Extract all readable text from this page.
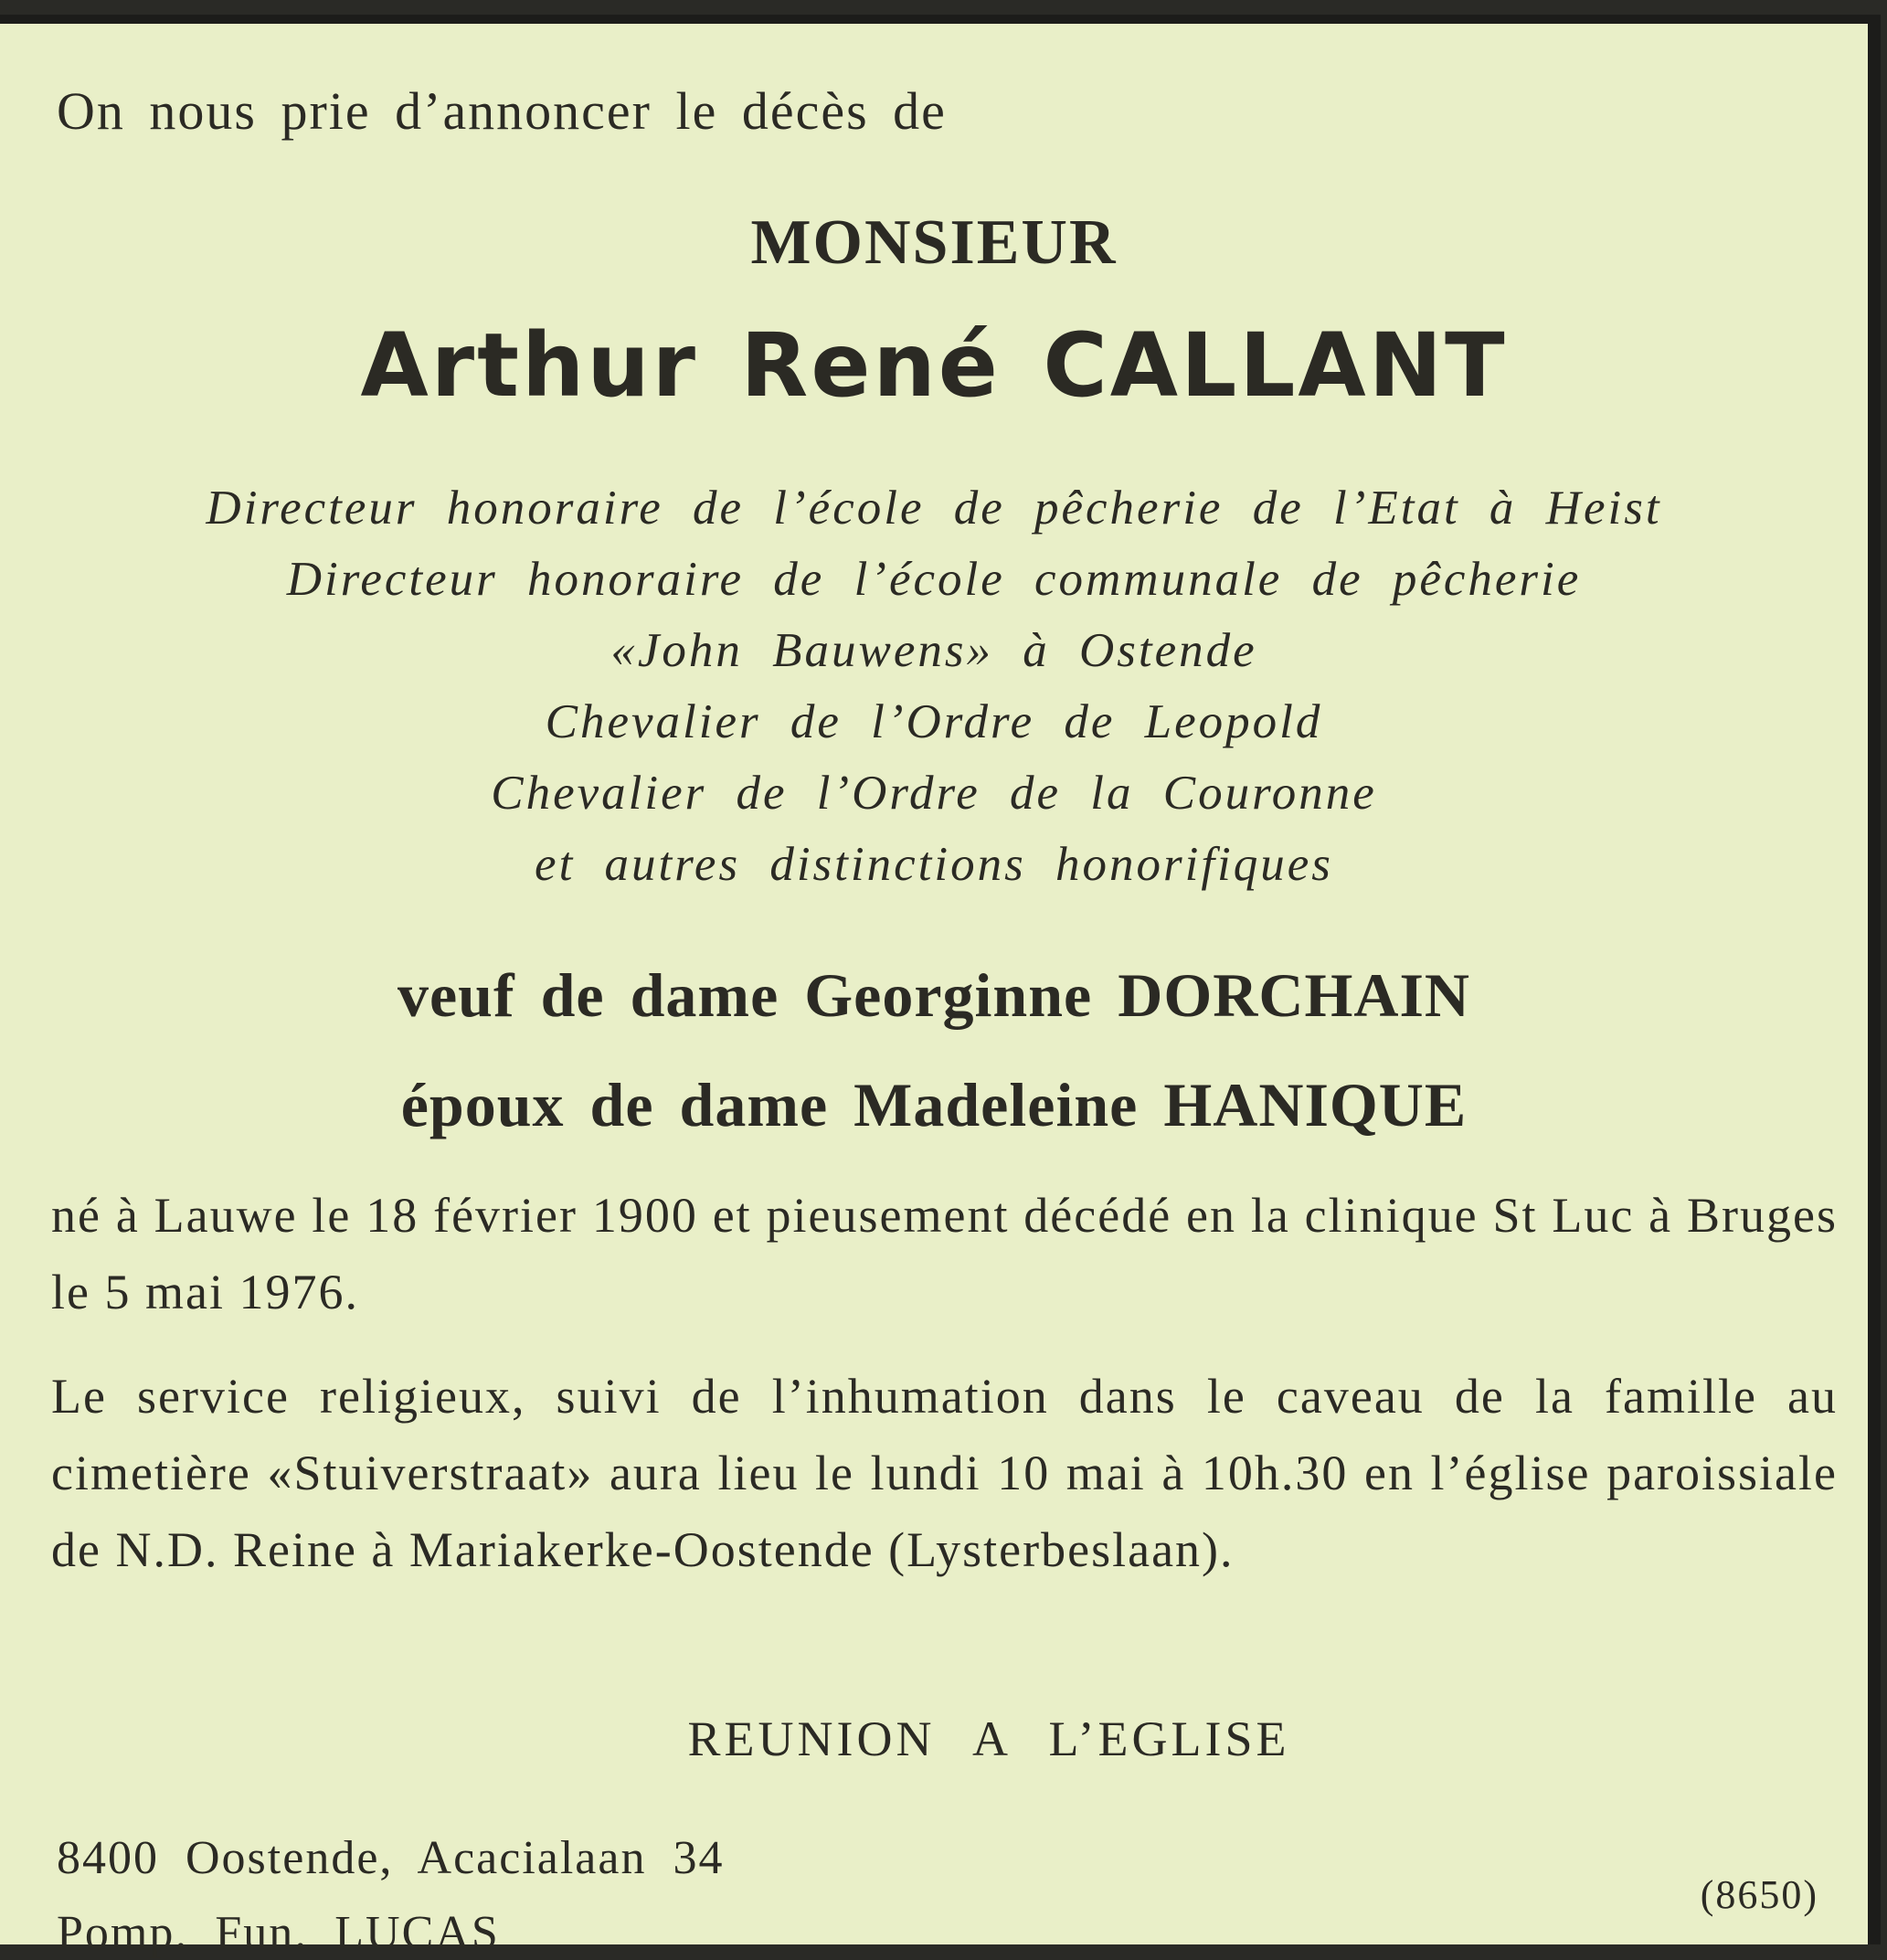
On nous prie d’annoncer le décès de
MONSIEUR
Arthur René CALLANT
Directeur honoraire de l’école de pêcherie de l’Etat à Heist
Directeur honoraire de l’école communale de pêcherie
«John Bauwens» à Ostende
Chevalier de l’Ordre de Leopold
Chevalier de l’Ordre de la Couronne
et autres distinctions honorifiques
veuf de dame Georginne DORCHAIN
époux de dame Madeleine HANIQUE
né à Lauwe le 18 février 1900 et pieusement décédé en la clinique St Luc à Bruges le 5 mai 1976.
Le service religieux, suivi de l’inhumation dans le caveau de la famille au cimetière «Stuiverstraat» aura lieu le lundi 10 mai à 10h.30 en l’église paroissiale de N.D. Reine à Mariakerke-Oostende (Lysterbeslaan).
REUNION A L’EGLISE
8400 Oostende, Acacialaan 34
Pomp. Fun. LUCAS
(8650)
